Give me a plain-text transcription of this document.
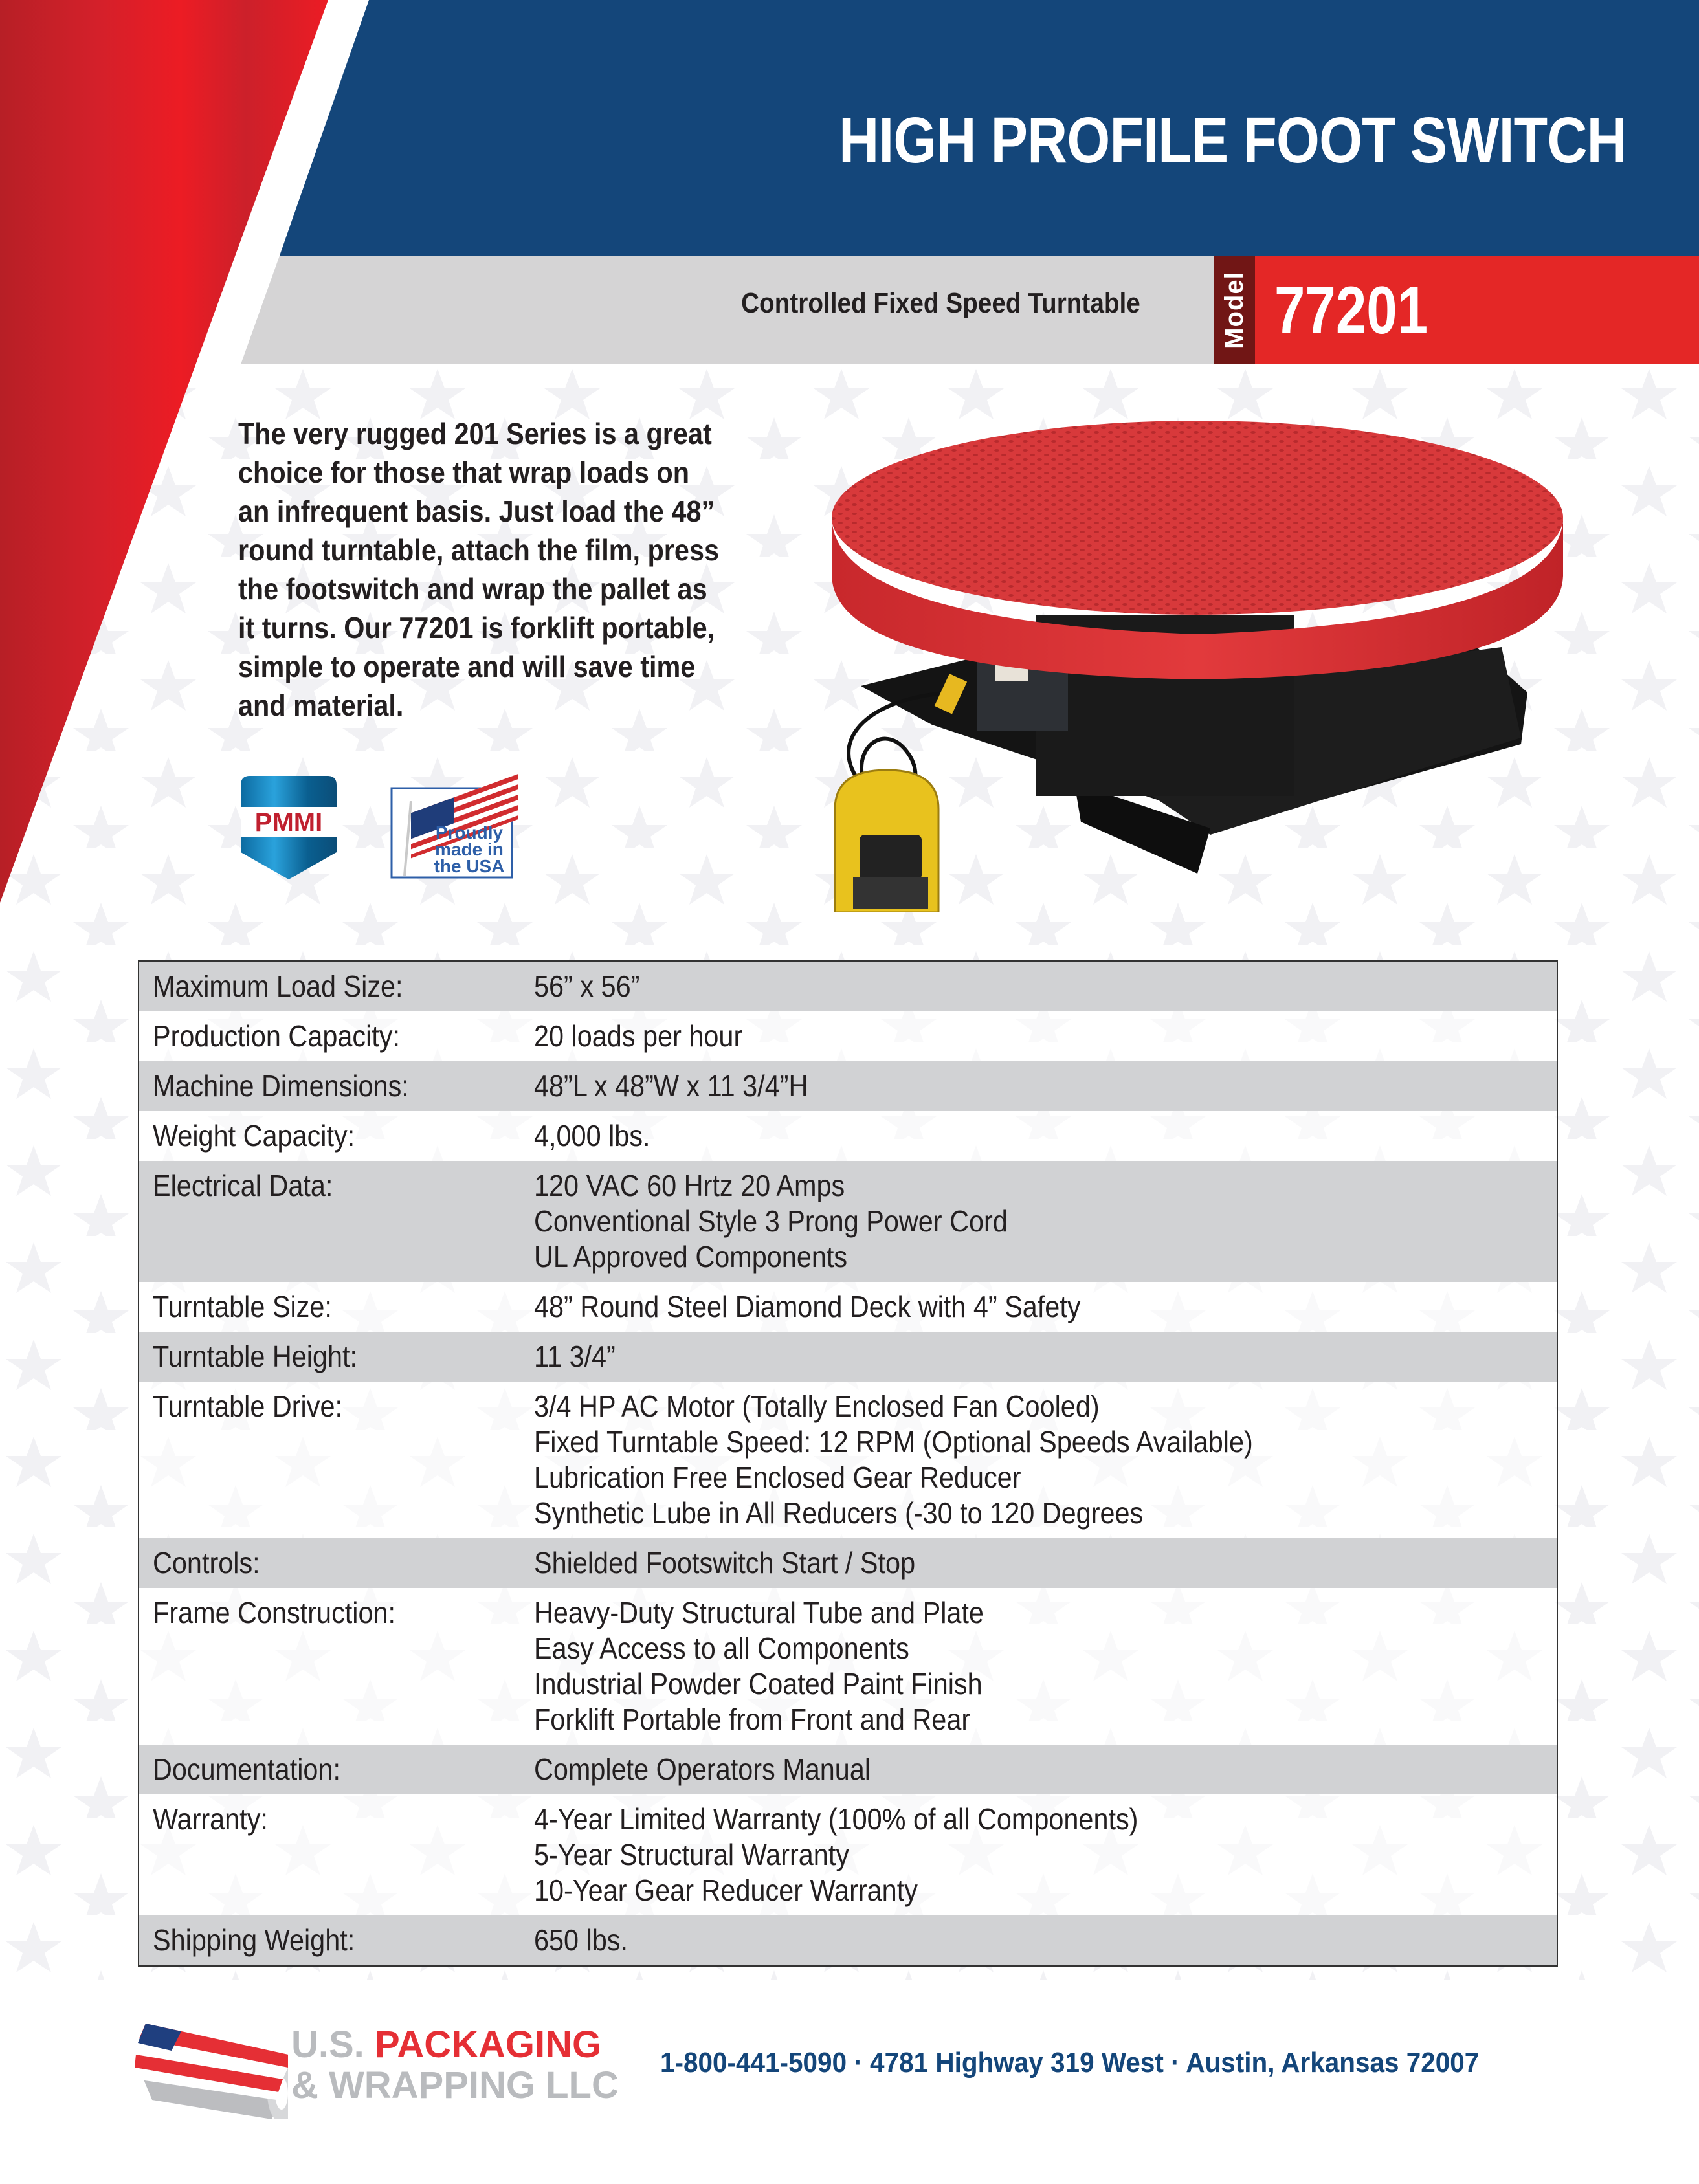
HIGH PROFILE FOOT SWITCH
Controlled Fixed Speed Turntable	Model 77201
The very rugged 201 Series is a great
choice for those that wrap loads on
an infrequent basis. Just load the 48”
round turntable, attach the film, press
the footswitch and wrap the pallet as
it turns. Our 77201 is forklift portable,
simple to operate and will save time
and material.
PMMI	Proudly
made in
the USA
Maximum Load Size:	56” x 56”
Production Capacity:	20 loads per hour
Machine Dimensions:	48”L x 48”W x 11 3/4”H
Weight Capacity:	4,000 lbs.
Electrical Data:	120 VAC 60 Hrtz 20 Amps
Conventional Style 3 Prong Power Cord
UL Approved Components
Turntable Size:	48” Round Steel Diamond Deck with 4” Safety
Turntable Height:	11 3/4”
Turntable Drive:	3/4 HP AC Motor (Totally Enclosed Fan Cooled)
Fixed Turntable Speed: 12 RPM (Optional Speeds Available)
Lubrication Free Enclosed Gear Reducer
Synthetic Lube in All Reducers (-30 to 120 Degrees
Controls:	Shielded Footswitch Start / Stop
Frame Construction:	Heavy-Duty Structural Tube and Plate
Easy Access to all Components
Industrial Powder Coated Paint Finish
Forklift Portable from Front and Rear
Documentation:	Complete Operators Manual
Warranty:	4-Year Limited Warranty (100% of all Components)
5-Year Structural Warranty
10-Year Gear Reducer Warranty
Shipping Weight:	650 lbs.
U.S. PACKAGING
& WRAPPING LLC
1-800-441-5090 · 4781 Highway 319 West · Austin, Arkansas 72007
